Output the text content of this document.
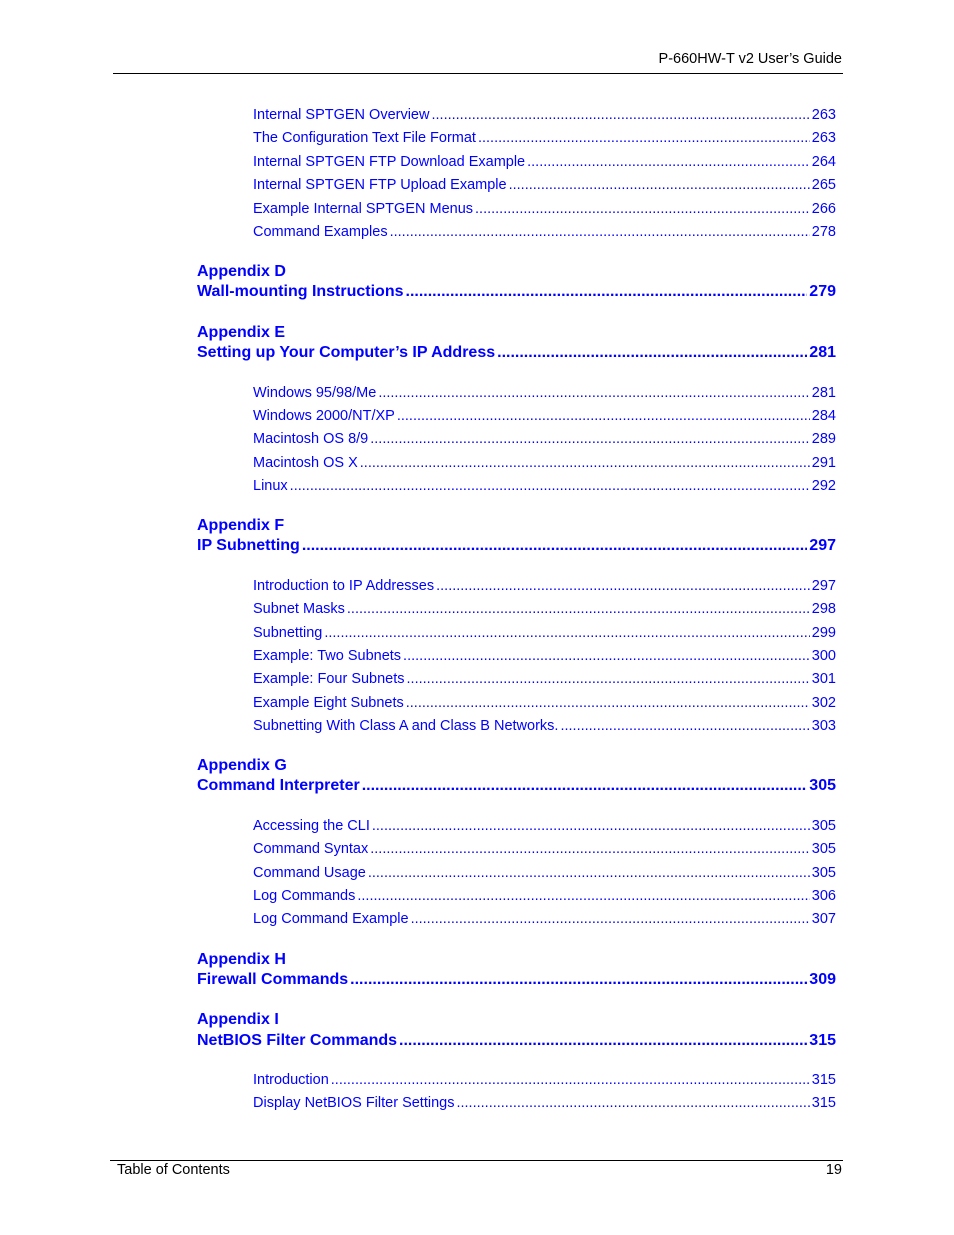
P-660HW-T v2 User’s Guide
Internal SPTGEN Overview .....	263
The Configuration Text File Format .....	263
Internal SPTGEN FTP Download Example .....	264
Internal SPTGEN FTP Upload Example .....	265
Example Internal SPTGEN Menus .....	266
Command Examples .....	278
Appendix D
Wall-mounting Instructions .....	279
Appendix E
Setting up Your Computer’s IP Address .....	281
Windows 95/98/Me .....	281
Windows 2000/NT/XP .....	284
Macintosh OS 8/9 .....	289
Macintosh OS X .....	291
Linux .....	292
Appendix F
IP Subnetting .....	297
Introduction to IP Addresses .....	297
Subnet Masks .....	298
Subnetting .....	299
Example: Two Subnets .....	300
Example: Four Subnets .....	301
Example Eight Subnets .....	302
Subnetting With Class A and Class B Networks. .....	303
Appendix G
Command Interpreter .....	305
Accessing the CLI .....	305
Command Syntax .....	305
Command Usage .....	305
Log Commands .....	306
Log Command Example .....	307
Appendix H
Firewall Commands .....	309
Appendix I
NetBIOS Filter Commands .....	315
Introduction .....	315
Display NetBIOS Filter Settings .....	315
Table of Contents	19
